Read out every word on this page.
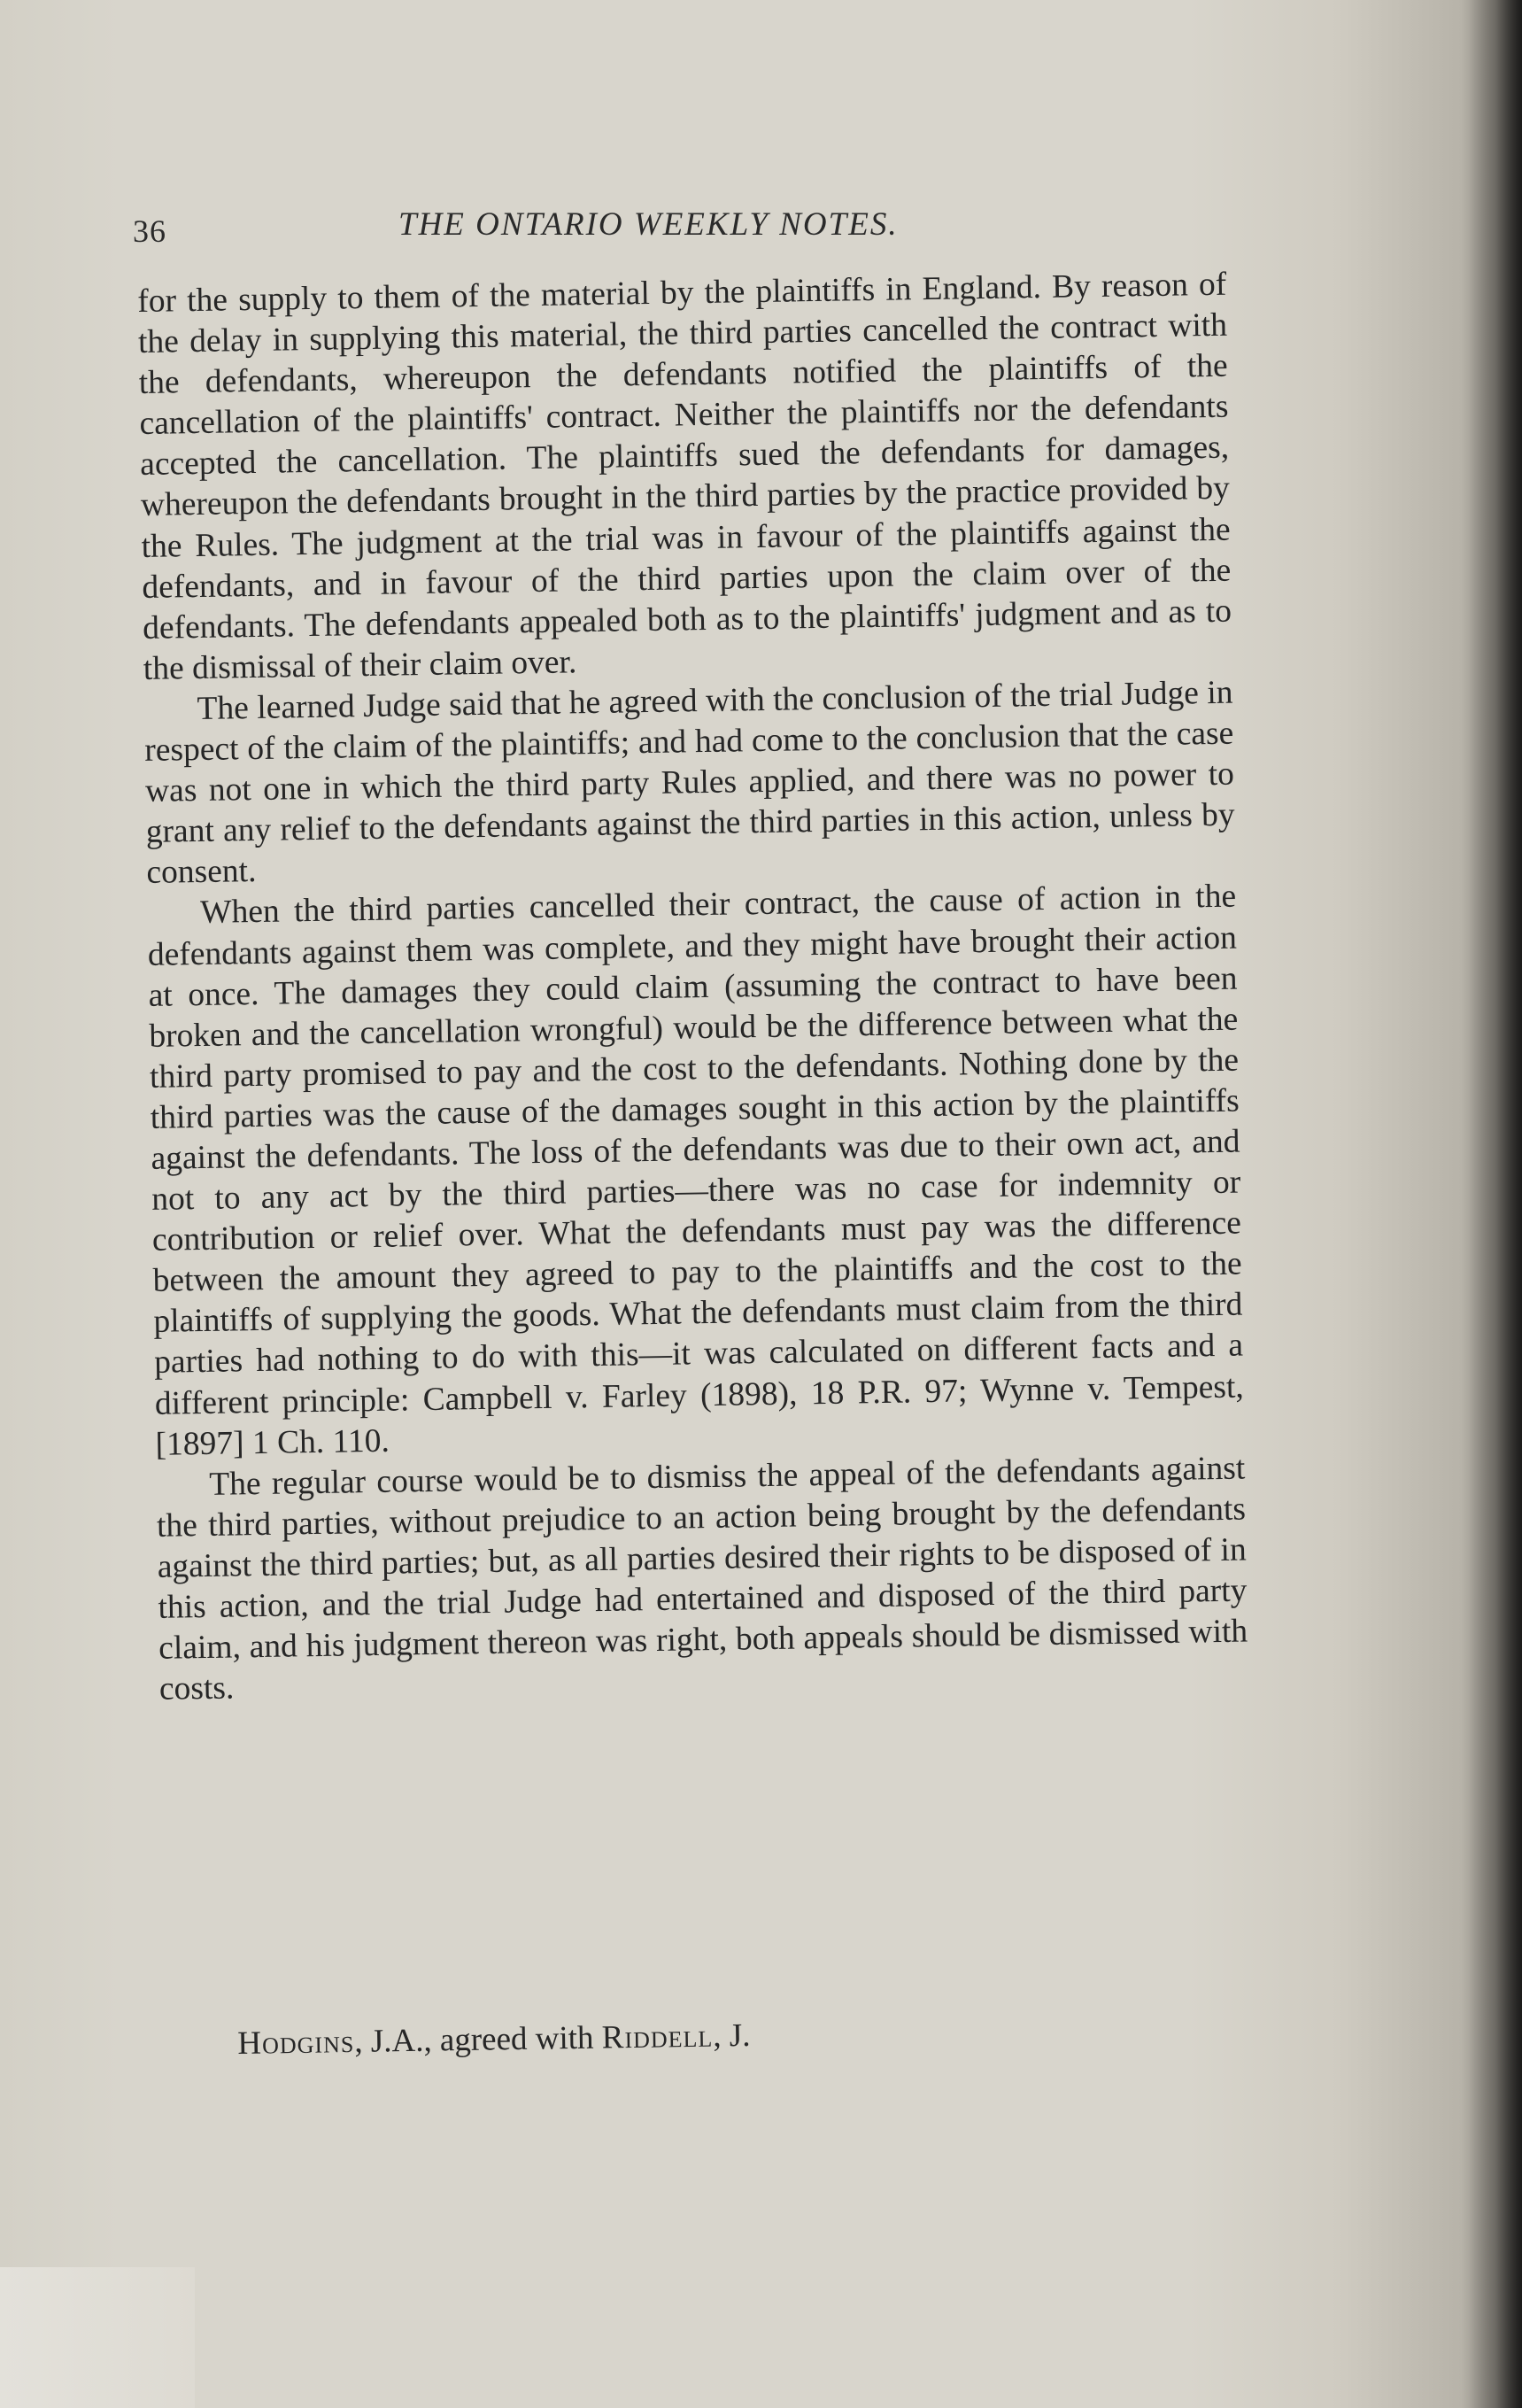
36	THE ONTARIO WEEKLY NOTES.

for the supply to them of the material by the plaintiffs in England. By reason of the delay in supplying this material, the third parties cancelled the contract with the defendants, whereupon the defendants notified the plaintiffs of the cancellation of the plaintiffs' contract. Neither the plaintiffs nor the defendants accepted the cancellation. The plaintiffs sued the defendants for damages, whereupon the defendants brought in the third parties by the practice provided by the Rules. The judgment at the trial was in favour of the plaintiffs against the defendants, and in favour of the third parties upon the claim over of the defendants. The defendants appealed both as to the plaintiffs' judgment and as to the dismissal of their claim over.

The learned Judge said that he agreed with the conclusion of the trial Judge in respect of the claim of the plaintiffs; and had come to the conclusion that the case was not one in which the third party Rules applied, and there was no power to grant any relief to the defendants against the third parties in this action, unless by consent.

When the third parties cancelled their contract, the cause of action in the defendants against them was complete, and they might have brought their action at once. The damages they could claim (assuming the contract to have been broken and the cancellation wrongful) would be the difference between what the third party promised to pay and the cost to the defendants. Nothing done by the third parties was the cause of the damages sought in this action by the plaintiffs against the defendants. The loss of the defendants was due to their own act, and not to any act by the third parties—there was no case for indemnity or contribution or relief over. What the defendants must pay was the difference between the amount they agreed to pay to the plaintiffs and the cost to the plaintiffs of supplying the goods. What the defendants must claim from the third parties had nothing to do with this—it was calculated on different facts and a different principle: Campbell v. Farley (1898), 18 P.R. 97; Wynne v. Tempest, [1897] 1 Ch. 110.

The regular course would be to dismiss the appeal of the defendants against the third parties, without prejudice to an action being brought by the defendants against the third parties; but, as all parties desired their rights to be disposed of in this action, and the trial Judge had entertained and disposed of the third party claim, and his judgment thereon was right, both appeals should be dismissed with costs.

Hodgins, J.A., agreed with Riddell, J.
